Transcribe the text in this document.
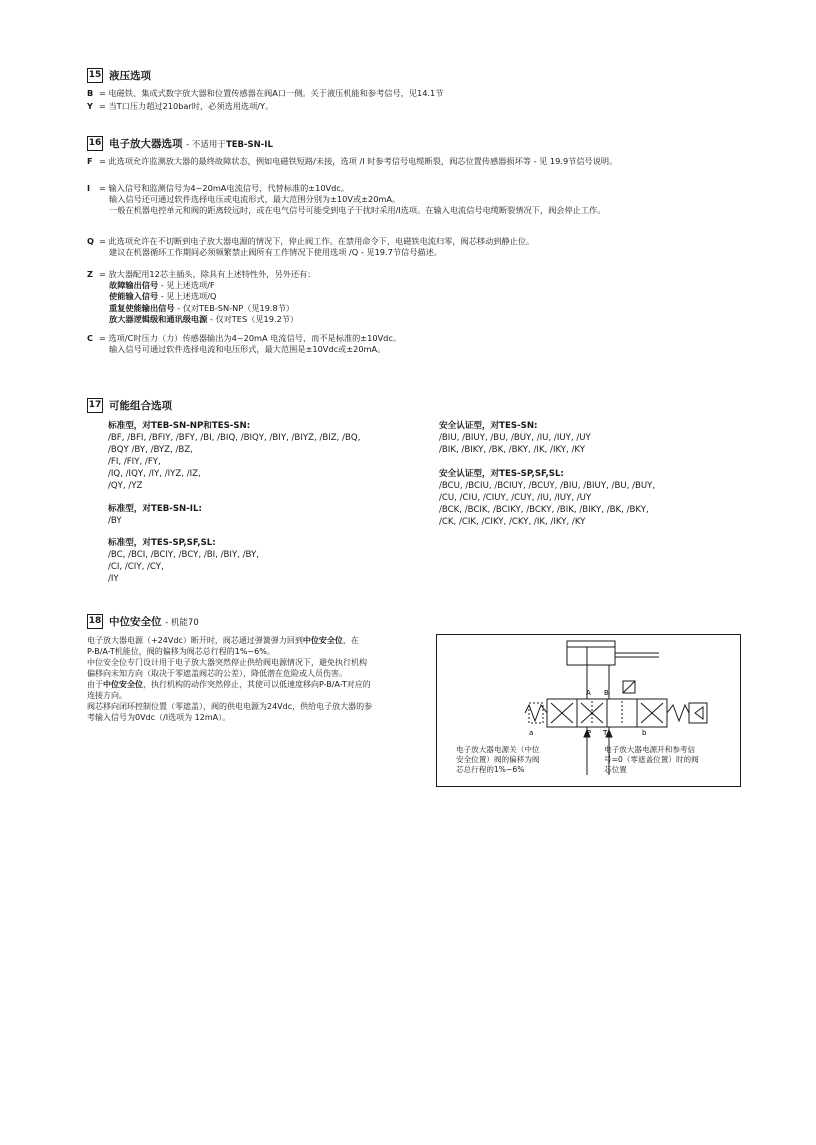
15 液压选项
B = 电磁铁、集成式数字放大器和位置传感器在阀A口一侧。关于液压机能和参考信号，见14.1节
Y = 当T口压力超过210bar时，必须选用选项/Y。
16 电子放大器选项 - 不适用于TEB-SN-IL
F = 此选项允许监测放大器的最终故障状态，例如电磁铁短路/未接，选项 /I 时参考信号电缆断裂，阀芯位置传感器损坏等 - 见 19.9节信号说明。
I = 输入信号和监测信号为4~20mA电流信号，代替标准的±10Vdc。
输入信号还可通过软件选择电压或电流形式，最大范围分别为±10V或±20mA。
一般在机器电控单元和阀的距离较远时，或在电气信号可能受到电子干扰时采用/I选项。在输入电流信号电缆断裂情况下，阀会停止工作。
Q = 此选项允许在不切断到电子放大器电源的情况下，停止阀工作。在禁用命令下，电磁铁电流归零，阀芯移动到静止位。
建议在机器循环工作期间必须频繁禁止阀所有工作情况下使用选项 /Q - 见19.7节信号描述。
Z = 放大器配用12芯主插头，除具有上述特性外，另外还有：
故障输出信号 - 见上述选项/F
使能输入信号 - 见上述选项/Q
重复使能输出信号 - 仅对TEB-SN-NP（见19.8节）
放大器逻辑级和通讯级电源 - 仅对TES（见19.2节）
C = 选项/C时压力（力）传感器输出为4~20mA 电流信号，而不是标准的±10Vdc。
输入信号可通过软件选择电流和电压形式，最大范围是±10Vdc或±20mA。
17 可能组合选项
标准型，对TEB-SN-NP和TES-SN:
/BF, /BFI, /BFIY, /BFY, /BI, /BIQ, /BIQY, /BIY, /BIYZ, /BIZ, /BQ,
/BQY /BY, /BYZ, /BZ,
/FI, /FIY, /FY,
/IQ, /IQY, /IY, /IYZ, /IZ,
/QY, /YZ
标准型，对TEB-SN-IL:
/BY
标准型，对TES-SP,SF,SL:
/BC, /BCI, /BCIY, /BCY, /BI, /BIY, /BY,
/CI, /CIY, /CY,
/IY
安全认证型，对TES-SN:
/BIU, /BIUY, /BU, /BUY, /IU, /IUY, /UY
/BIK, /BIKY, /BK, /BKY, /IK, /IKY, /KY
安全认证型，对TES-SP,SF,SL:
/BCU, /BCIU, /BCIUY, /BCUY, /BIU, /BIUY, /BU, /BUY,
/CU, /CIU, /CIUY, /CUY, /IU, /IUY, /UY
/BCK, /BCIK, /BCIKY, /BCKY, /BIK, /BIKY, /BK, /BKY,
/CK, /CIK, /CIKY, /CKY, /IK, /IKY, /KY
18 中位安全位 - 机能70
电子放大器电源（+24Vdc）断开时，阀芯通过弹簧弹力回到中位安全位，在
P-B/A-T机能位，阀的偏移为阀芯总行程的1%~6%。
中位安全位专门设计用于电子放大器突然停止供给阀电源情况下，避免执行机构
偏移向未知方向（取决于零遮盖阀芯的公差），降低潜在危险或人员伤害。
由于中位安全位，执行机构的动作突然停止，其使可以低速度移向P-B/A-T对应的
连接方向。
阀芯移向闭环控制位置（零遮盖），阀的供电电源为24Vdc，供给电子放大器的参
考输入信号为0Vdc（/I选项为 12mA）。
A B
P T
a	b
电子放大器电源关（中位
安全位置）阀的偏移为阀
芯总行程的1%~6%
电子放大器电源开和参考信
号=0（零遮盖位置）时的阀
芯位置
